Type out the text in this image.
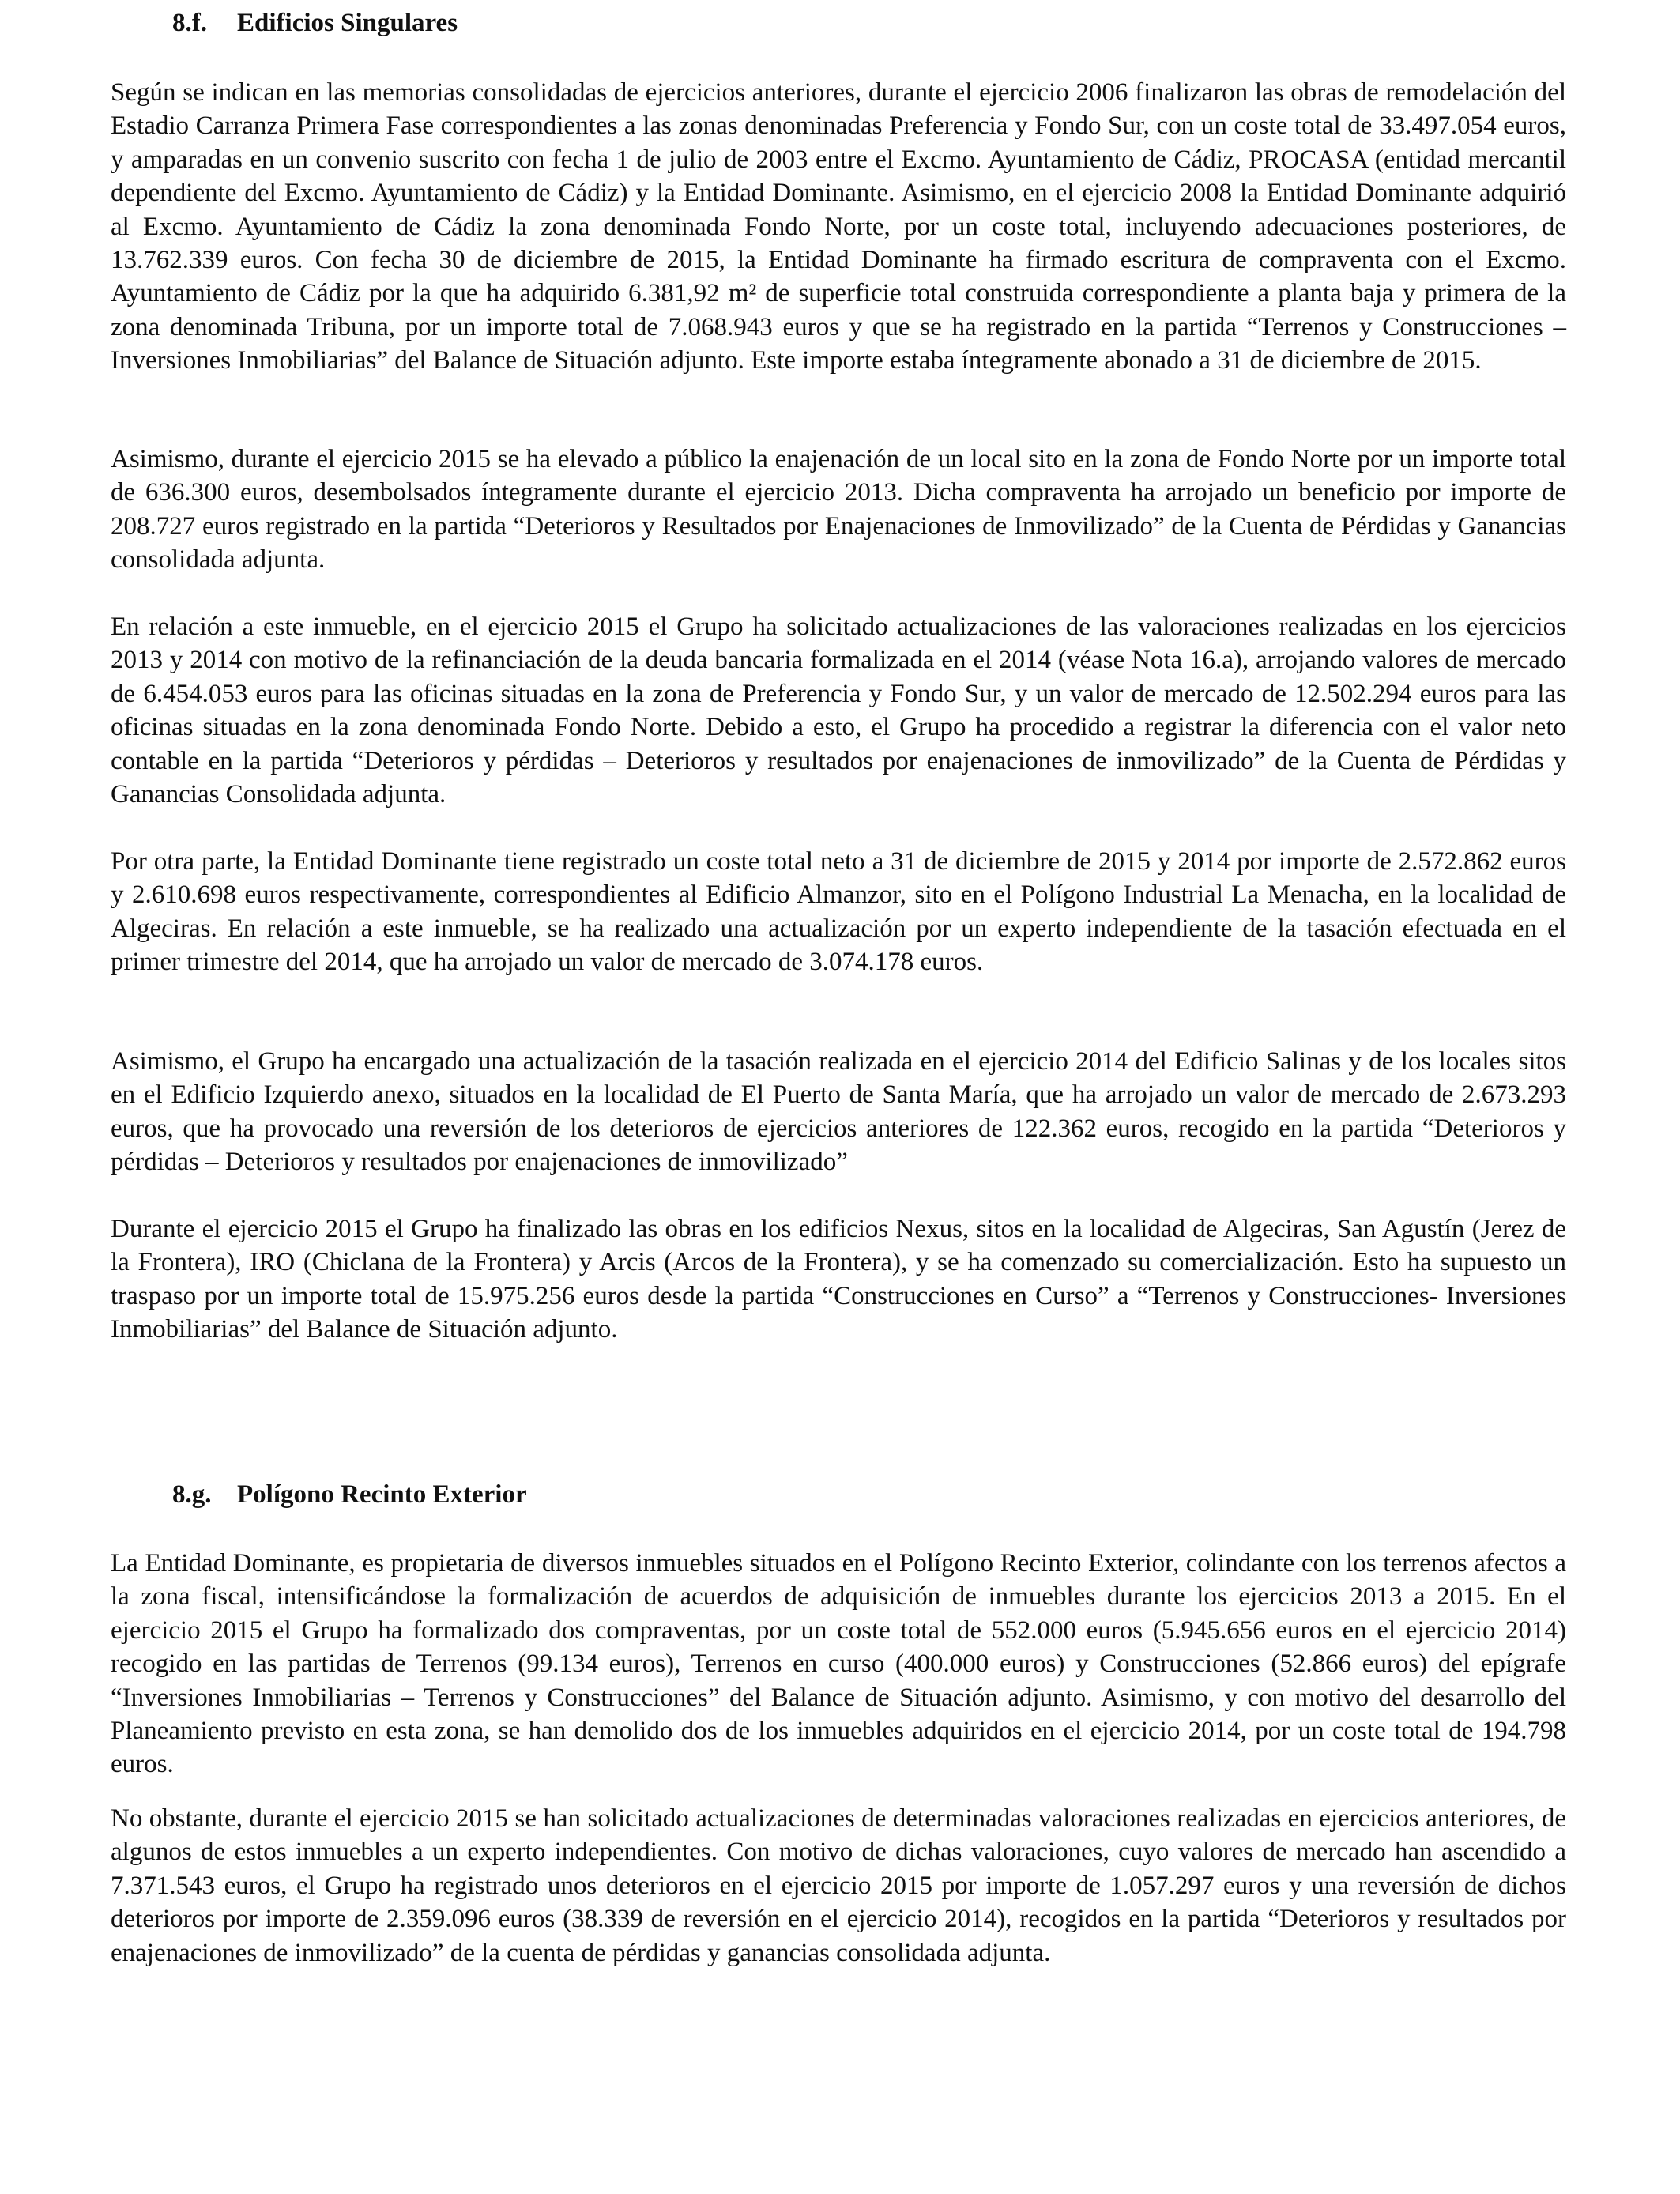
8.f. Edificios Singulares

Según se indican en las memorias consolidadas de ejercicios anteriores, durante el ejercicio 2006 finalizaron las obras de remodelación del Estadio Carranza Primera Fase correspondientes a las zonas denominadas Preferencia y Fondo Sur, con un coste total de 33.497.054 euros, y amparadas en un convenio suscrito con fecha 1 de julio de 2003 entre el Excmo. Ayuntamiento de Cádiz, PROCASA (entidad mercantil dependiente del Excmo. Ayuntamiento de Cádiz) y la Entidad Dominante. Asimismo, en el ejercicio 2008 la Entidad Dominante adquirió al Excmo. Ayuntamiento de Cádiz la zona denominada Fondo Norte, por un coste total, incluyendo adecuaciones posteriores, de 13.762.339 euros. Con fecha 30 de diciembre de 2015, la Entidad Dominante ha firmado escritura de compraventa con el Excmo. Ayuntamiento de Cádiz por la que ha adquirido 6.381,92 m² de superficie total construida correspondiente a planta baja y primera de la zona denominada Tribuna, por un importe total de 7.068.943 euros y que se ha registrado en la partida “Terrenos y Construcciones – Inversiones Inmobiliarias” del Balance de Situación adjunto. Este importe estaba íntegramente abonado a 31 de diciembre de 2015.

Asimismo, durante el ejercicio 2015 se ha elevado a público la enajenación de un local sito en la zona de Fondo Norte por un importe total de 636.300 euros, desembolsados íntegramente durante el ejercicio 2013. Dicha compraventa ha arrojado un beneficio por importe de 208.727 euros registrado en la partida “Deterioros y Resultados por Enajenaciones de Inmovilizado” de la Cuenta de Pérdidas y Ganancias consolidada adjunta.

En relación a este inmueble, en el ejercicio 2015 el Grupo ha solicitado actualizaciones de las valoraciones realizadas en los ejercicios 2013 y 2014 con motivo de la refinanciación de la deuda bancaria formalizada en el 2014 (véase Nota 16.a), arrojando valores de mercado de 6.454.053 euros para las oficinas situadas en la zona de Preferencia y Fondo Sur, y un valor de mercado de 12.502.294 euros para las oficinas situadas en la zona denominada Fondo Norte. Debido a esto, el Grupo ha procedido a registrar la diferencia con el valor neto contable en la partida “Deterioros y pérdidas – Deterioros y resultados por enajenaciones de inmovilizado” de la Cuenta de Pérdidas y Ganancias Consolidada adjunta.

Por otra parte, la Entidad Dominante tiene registrado un coste total neto a 31 de diciembre de 2015 y 2014 por importe de 2.572.862 euros y 2.610.698 euros respectivamente, correspondientes al Edificio Almanzor, sito en el Polígono Industrial La Menacha, en la localidad de Algeciras. En relación a este inmueble, se ha realizado una actualización por un experto independiente de la tasación efectuada en el primer trimestre del 2014, que ha arrojado un valor de mercado de 3.074.178 euros.

Asimismo, el Grupo ha encargado una actualización de la tasación realizada en el ejercicio 2014 del Edificio Salinas y de los locales sitos en el Edificio Izquierdo anexo, situados en la localidad de El Puerto de Santa María, que ha arrojado un valor de mercado de 2.673.293 euros, que ha provocado una reversión de los deterioros de ejercicios anteriores de 122.362 euros, recogido en la partida “Deterioros y pérdidas – Deterioros y resultados por enajenaciones de inmovilizado”

Durante el ejercicio 2015 el Grupo ha finalizado las obras en los edificios Nexus, sitos en la localidad de Algeciras, San Agustín (Jerez de la Frontera), IRO (Chiclana de la Frontera) y Arcis (Arcos de la Frontera), y se ha comenzado su comercialización. Esto ha supuesto un traspaso por un importe total de 15.975.256 euros desde la partida “Construcciones en Curso” a “Terrenos y Construcciones- Inversiones Inmobiliarias” del Balance de Situación adjunto.

8.g. Polígono Recinto Exterior

La Entidad Dominante, es propietaria de diversos inmuebles situados en el Polígono Recinto Exterior, colindante con los terrenos afectos a la zona fiscal, intensificándose la formalización de acuerdos de adquisición de inmuebles durante los ejercicios 2013 a 2015. En el ejercicio 2015 el Grupo ha formalizado dos compraventas, por un coste total de 552.000 euros (5.945.656 euros en el ejercicio 2014) recogido en las partidas de Terrenos (99.134 euros), Terrenos en curso (400.000 euros) y Construcciones (52.866 euros) del epígrafe “Inversiones Inmobiliarias – Terrenos y Construcciones” del Balance de Situación adjunto. Asimismo, y con motivo del desarrollo del Planeamiento previsto en esta zona, se han demolido dos de los inmuebles adquiridos en el ejercicio 2014, por un coste total de 194.798 euros.

No obstante, durante el ejercicio 2015 se han solicitado actualizaciones de determinadas valoraciones realizadas en ejercicios anteriores, de algunos de estos inmuebles a un experto independientes. Con motivo de dichas valoraciones, cuyo valores de mercado han ascendido a 7.371.543 euros, el Grupo ha registrado unos deterioros en el ejercicio 2015 por importe de 1.057.297 euros y una reversión de dichos deterioros por importe de 2.359.096 euros (38.339 de reversión en el ejercicio 2014), recogidos en la partida “Deterioros y resultados por enajenaciones de inmovilizado” de la cuenta de pérdidas y ganancias consolidada adjunta.
